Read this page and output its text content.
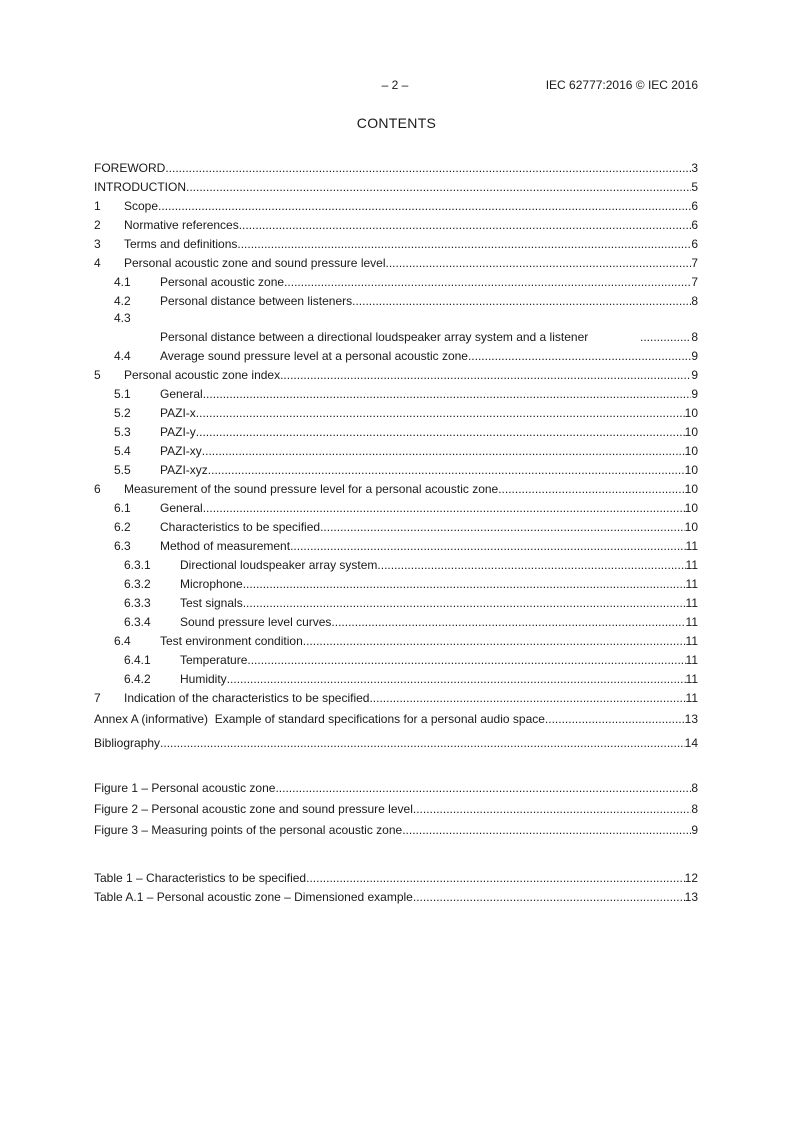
– 2 –	IEC 62777:2016 © IEC 2016
CONTENTS
FOREWORD .....	3
INTRODUCTION .....	5
1	Scope .....	6
2	Normative references .....	6
3	Terms and definitions .....	6
4	Personal acoustic zone and sound pressure level .....	7
4.1	Personal acoustic zone .....	7
4.2	Personal distance between listeners .....	8
4.3
Personal distance between a directional loudspeaker array system and a listener .....	8
4.4	Average sound pressure level at a personal acoustic zone .....	9
5	Personal acoustic zone index .....	9
5.1	General .....	9
5.2	PAZI-x .....	10
5.3	PAZI-y .....	10
5.4	PAZI-xy .....	10
5.5	PAZI-xyz .....	10
6	Measurement of the sound pressure level for a personal acoustic zone .....	10
6.1	General .....	10
6.2	Characteristics to be specified .....	10
6.3	Method of measurement .....	11
6.3.1	Directional loudspeaker array system .....	11
6.3.2	Microphone .....	11
6.3.3	Test signals .....	11
6.3.4	Sound pressure level curves .....	11
6.4	Test environment condition .....	11
6.4.1	Temperature .....	11
6.4.2	Humidity .....	11
7	Indication of the characteristics to be specified .....	11
Annex A (informative)  Example of standard specifications for a personal audio space .....	13
Bibliography .....	14
Figure 1 – Personal acoustic zone .....	8
Figure 2 – Personal acoustic zone and sound pressure level .....	8
Figure 3 – Measuring points of the personal acoustic zone .....	9
Table 1 – Characteristics to be specified .....	12
Table A.1 – Personal acoustic zone – Dimensioned example .....	13
